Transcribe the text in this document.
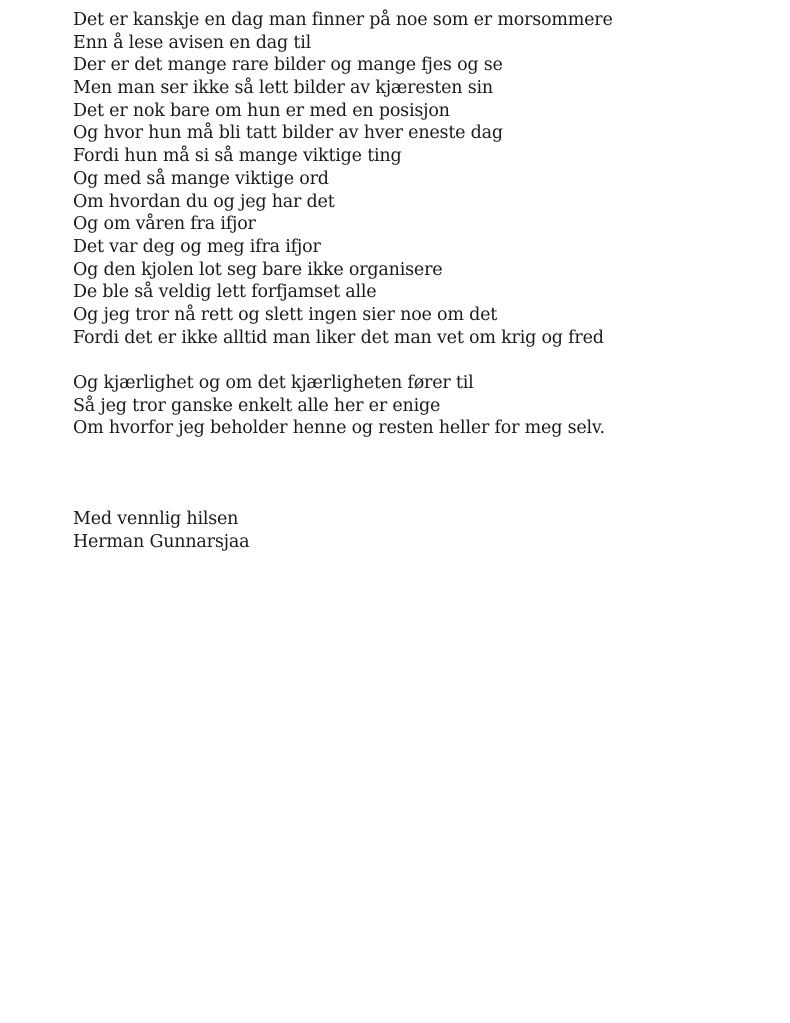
Det er kanskje en dag man finner på noe som er morsommere
Enn å lese avisen en dag til
Der er det mange rare bilder og mange fjes og se
Men man ser ikke så lett bilder av kjæresten sin
Det er nok bare om hun er med en posisjon
Og hvor hun må bli tatt bilder av hver eneste dag
Fordi hun må si så mange viktige ting
Og med så mange viktige ord
Om hvordan du og jeg har det
Og om våren fra ifjor
Det var deg og meg ifra ifjor
Og den kjolen lot seg bare ikke organisere
De ble så veldig lett forfjamset alle
Og jeg tror nå rett og slett ingen sier noe om det
Fordi det er ikke alltid man liker det man vet om krig og fred
Og kjærlighet og om det kjærligheten fører til
Så jeg tror ganske enkelt alle her er enige
Om hvorfor jeg beholder henne og resten heller for meg selv.
Med vennlig hilsen
Herman Gunnarsjaa
